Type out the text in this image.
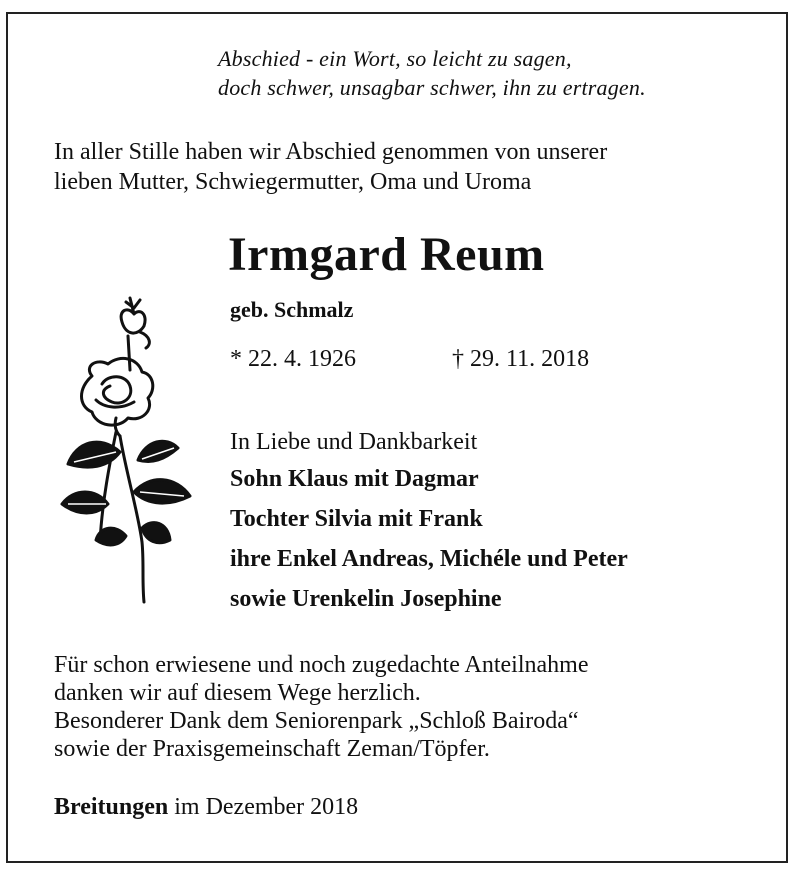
Abschied - ein Wort, so leicht zu sagen,
doch schwer, unsagbar schwer, ihn zu ertragen.
In aller Stille haben wir Abschied genommen von unserer
lieben Mutter, Schwiegermutter, Oma und Uroma
Irmgard Reum
geb. Schmalz
* 22. 4. 1926	† 29. 11. 2018
In Liebe und Dankbarkeit
Sohn Klaus mit Dagmar
Tochter Silvia mit Frank
ihre Enkel Andreas, Michéle und Peter
sowie Urenkelin Josephine
Für schon erwiesene und noch zugedachte Anteilnahme
danken wir auf diesem Wege herzlich.
Besonderer Dank dem Seniorenpark „Schloß Bairoda“
sowie der Praxisgemeinschaft Zeman/Töpfer.
Breitungen im Dezember 2018
